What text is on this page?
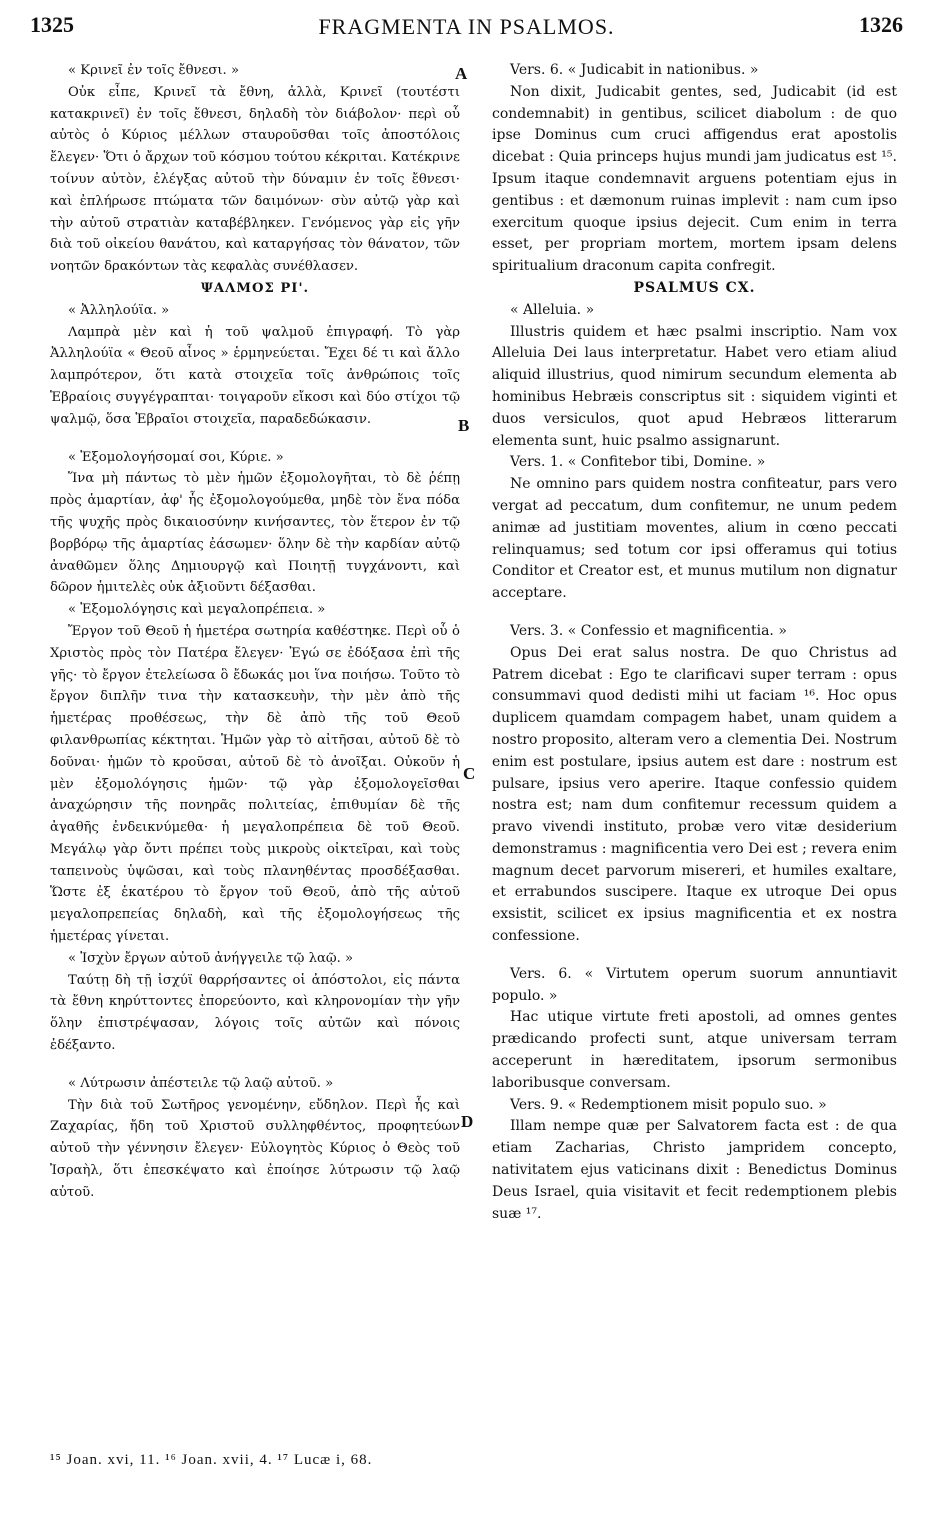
1325	FRAGMENTA IN PSALMOS.	1326
A
B
C
D

« Κρινεῖ ἐν τοῖς ἔθνεσι. »

Οὐκ εἶπε, Κρινεῖ τὰ ἔθνη, ἀλλὰ, Κρινεῖ (τουτέστι κατακρινεῖ) ἐν τοῖς ἔθνεσι, δηλαδὴ τὸν διάβολον· περὶ οὗ αὐτὸς ὁ Κύριος μέλλων σταυροῦσθαι τοῖς ἀποστόλοις ἔλεγεν· Ὅτι ὁ ἄρχων τοῦ κόσμου τούτου κέκριται. Κατέκρινε τοίνυν αὐτὸν, ἐλέγξας αὐτοῦ τὴν δύναμιν ἐν τοῖς ἔθνεσι· καὶ ἐπλήρωσε πτώματα τῶν δαιμόνων· σὺν αὐτῷ γὰρ καὶ τὴν αὐτοῦ στρατιὰν καταβέβληκεν. Γενόμενος γὰρ εἰς γῆν διὰ τοῦ οἰκείου θανάτου, καὶ καταργήσας τὸν θάνατον, τῶν νοητῶν δρακόντων τὰς κεφαλὰς συνέθλασεν.

ΨΑΛΜΟΣ ΡΙ'.

« Ἀλληλούϊα. »

Λαμπρὰ μὲν καὶ ἡ τοῦ ψαλμοῦ ἐπιγραφή. Τὸ γὰρ Ἀλληλούϊα « Θεοῦ αἶνος » ἑρμηνεύεται. Ἔχει δέ τι καὶ ἄλλο λαμπρότερον, ὅτι κατὰ στοιχεῖα τοῖς ἀνθρώποις τοῖς Ἑβραίοις συγγέγραπται· τοιγαροῦν εἴκοσι καὶ δύο στίχοι τῷ ψαλμῷ, ὅσα Ἑβραῖοι στοιχεῖα, παραδεδώκασιν.

« Ἐξομολογήσομαί σοι, Κύριε. »

Ἵνα μὴ πάντως τὸ μὲν ἡμῶν ἐξομολογῆται, τὸ δὲ ῥέπῃ πρὸς ἁμαρτίαν, ἀφ' ἧς ἐξομολογούμεθα, μηδὲ τὸν ἕνα πόδα τῆς ψυχῆς πρὸς δικαιοσύνην κινήσαντες, τὸν ἕτερον ἐν τῷ βορβόρῳ τῆς ἁμαρτίας ἐάσωμεν· ὅλην δὲ τὴν καρδίαν αὐτῷ ἀναθῶμεν ὅλης Δημιουργῷ καὶ Ποιητῇ τυγχάνοντι, καὶ δῶρον ἡμιτελὲς οὐκ ἀξιοῦντι δέξασθαι.

« Ἐξομολόγησις καὶ μεγαλοπρέπεια. »

Ἔργον τοῦ Θεοῦ ἡ ἡμετέρα σωτηρία καθέστηκε. Περὶ οὗ ὁ Χριστὸς πρὸς τὸν Πατέρα ἔλεγεν· Ἐγώ σε ἐδόξασα ἐπὶ τῆς γῆς· τὸ ἔργον ἐτελείωσα ὃ ἔδωκάς μοι ἵνα ποιήσω. Τοῦτο τὸ ἔργον διπλῆν τινα τὴν κατασκευὴν, τὴν μὲν ἀπὸ τῆς ἡμετέρας προθέσεως, τὴν δὲ ἀπὸ τῆς τοῦ Θεοῦ φιλανθρωπίας κέκτηται. Ἡμῶν γὰρ τὸ αἰτῆσαι, αὐτοῦ δὲ τὸ δοῦναι· ἡμῶν τὸ κροῦσαι, αὐτοῦ δὲ τὸ ἀνοῖξαι. Οὐκοῦν ἡ μὲν ἐξομολόγησις ἡμῶν· τῷ γὰρ ἐξομολογεῖσθαι ἀναχώρησιν τῆς πονηρᾶς πολιτείας, ἐπιθυμίαν δὲ τῆς ἀγαθῆς ἐνδεικνύμεθα· ἡ μεγαλοπρέπεια δὲ τοῦ Θεοῦ. Μεγάλῳ γὰρ ὄντι πρέπει τοὺς μικροὺς οἰκτεῖραι, καὶ τοὺς ταπεινοὺς ὑψῶσαι, καὶ τοὺς πλανηθέντας προσδέξασθαι. Ὥστε ἐξ ἑκατέρου τὸ ἔργον τοῦ Θεοῦ, ἀπὸ τῆς αὐτοῦ μεγαλοπρεπείας δηλαδὴ, καὶ τῆς ἐξομολογήσεως τῆς ἡμετέρας γίνεται.

« Ἰσχὺν ἔργων αὐτοῦ ἀνήγγειλε τῷ λαῷ. »

Ταύτῃ δὴ τῇ ἰσχύϊ θαρρήσαντες οἱ ἀπόστολοι, εἰς πάντα τὰ ἔθνη κηρύττοντες ἐπορεύοντο, καὶ κληρονομίαν τὴν γῆν ὅλην ἐπιστρέψασαν, λόγοις τοῖς αὐτῶν καὶ πόνοις ἐδέξαντο.

« Λύτρωσιν ἀπέστειλε τῷ λαῷ αὐτοῦ. »

Τὴν διὰ τοῦ Σωτῆρος γενομένην, εὔδηλον. Περὶ ἧς καὶ Ζαχαρίας, ἤδη τοῦ Χριστοῦ συλληφθέντος, προφητεύων αὐτοῦ τὴν γέννησιν ἔλεγεν· Εὐλογητὸς Κύριος ὁ Θεὸς τοῦ Ἰσραὴλ, ὅτι ἐπεσκέψατο καὶ ἐποίησε λύτρωσιν τῷ λαῷ αὐτοῦ.

Vers. 6. « Judicabit in nationibus. »

Non dixit, Judicabit gentes, sed, Judicabit (id est condemnabit) in gentibus, scilicet diabolum : de quo ipse Dominus cum cruci affigendus erat apostolis dicebat : Quia princeps hujus mundi jam judicatus est ¹⁵. Ipsum itaque condemnavit arguens potentiam ejus in gentibus : et dæmonum ruinas implevit : nam cum ipso exercitum quoque ipsius dejecit. Cum enim in terra esset, per propriam mortem, mortem ipsam delens spiritualium draconum capita confregit.

PSALMUS CX.

« Alleluia. »

Illustris quidem et hæc psalmi inscriptio. Nam vox Alleluia Dei laus interpretatur. Habet vero etiam aliud aliquid illustrius, quod nimirum secundum elementa ab hominibus Hebræis conscriptus sit : siquidem viginti et duos versiculos, quot apud Hebræos litterarum elementa sunt, huic psalmo assignarunt.

Vers. 1. « Confitebor tibi, Domine. »

Ne omnino pars quidem nostra confiteatur, pars vero vergat ad peccatum, dum confitemur, ne unum pedem animæ ad justitiam moventes, alium in cœno peccati relinquamus; sed totum cor ipsi offeramus qui totius Conditor et Creator est, et munus mutilum non dignatur acceptare.

Vers. 3. « Confessio et magnificentia. »

Opus Dei erat salus nostra. De quo Christus ad Patrem dicebat : Ego te clarificavi super terram : opus consummavi quod dedisti mihi ut faciam ¹⁶. Hoc opus duplicem quamdam compagem habet, unam quidem a nostro proposito, alteram vero a clementia Dei. Nostrum enim est postulare, ipsius autem est dare : nostrum est pulsare, ipsius vero aperire. Itaque confessio quidem nostra est; nam dum confitemur recessum quidem a pravo vivendi instituto, probæ vero vitæ desiderium demonstramus : magnificentia vero Dei est ; revera enim magnum decet parvorum misereri, et humiles exaltare, et errabundos suscipere. Itaque ex utroque Dei opus exsistit, scilicet ex ipsius magnificentia et ex nostra confessione.

Vers. 6. « Virtutem operum suorum annuntiavit populo. »

Hac utique virtute freti apostoli, ad omnes gentes prædicando profecti sunt, atque universam terram acceperunt in hæreditatem, ipsorum sermonibus laboribusque conversam.

Vers. 9. « Redemptionem misit populo suo. »

Illam nempe quæ per Salvatorem facta est : de qua etiam Zacharias, Christo jampridem concepto, nativitatem ejus vaticinans dixit : Benedictus Dominus Deus Israel, quia visitavit et fecit redemptionem plebis suæ ¹⁷.

¹⁵ Joan. xvi, 11. ¹⁶ Joan. xvii, 4. ¹⁷ Lucæ i, 68.
